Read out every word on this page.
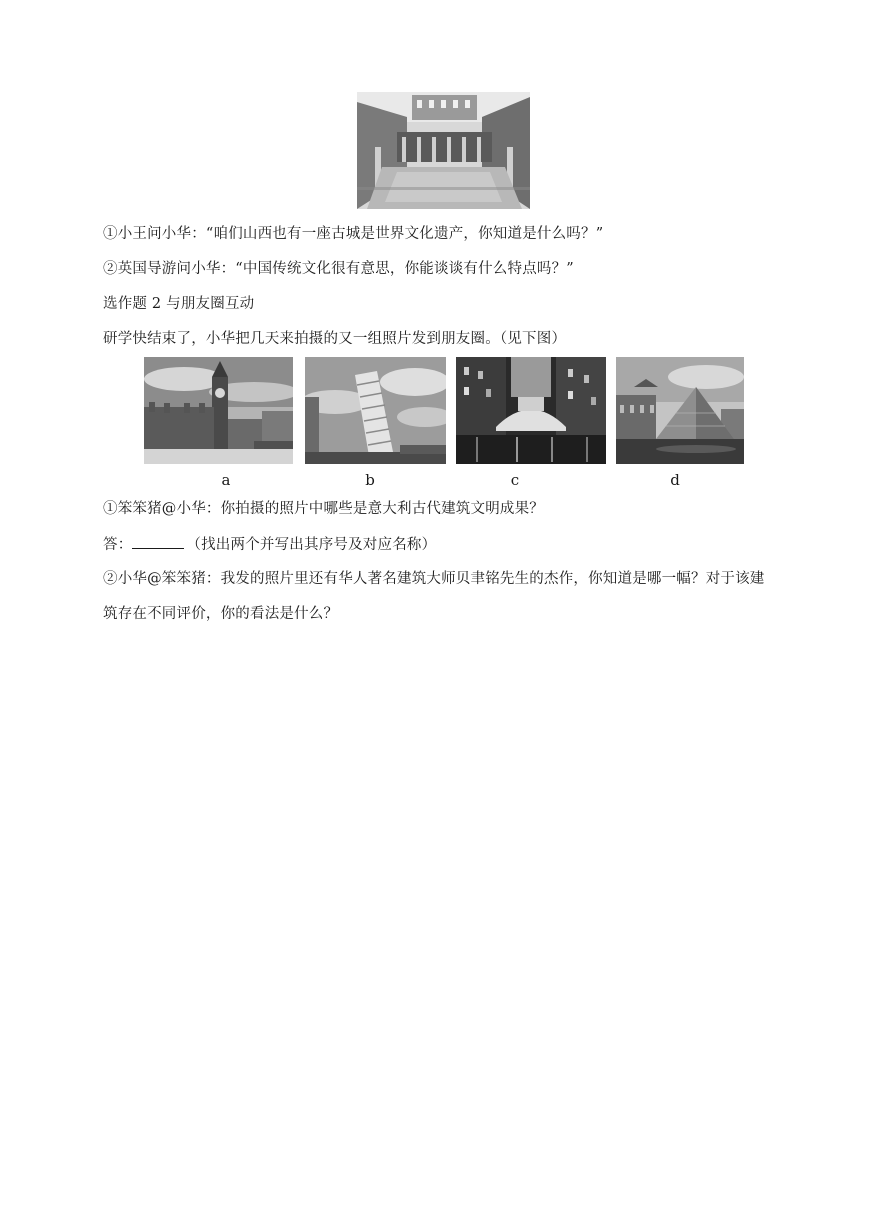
①小王问小华：“咱们山西也有一座古城是世界文化遗产，你知道是什么吗？”
②英国导游问小华：“中国传统文化很有意思，你能谈谈有什么特点吗？”
选作题 2 与朋友圈互动
研学快结束了，小华把几天来拍摄的又一组照片发到朋友圈。（见下图）
a	b	c	d
①笨笨猪@小华：你拍摄的照片中哪些是意大利古代建筑文明成果？
答：	（找出两个并写出其序号及对应名称）
②小华@笨笨猪：我发的照片里还有华人著名建筑大师贝聿铭先生的杰作，你知道是哪一幅？对于该建
筑存在不同评价，你的看法是什么？
